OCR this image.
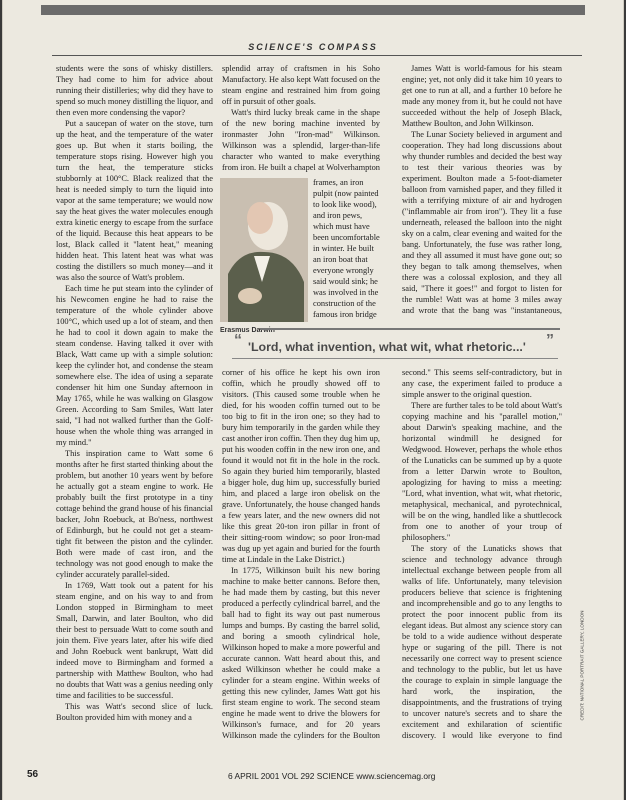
SCIENCE'S COMPASS

students were the sons of whisky distillers. They had come to him for advice about running their distilleries; why did they have to spend so much money distilling the liquor, and then even more condensing the vapor?

Put a saucepan of water on the stove, turn up the heat, and the temperature of the water goes up. But when it starts boiling, the temperature stops rising. However high you turn the heat, the temperature sticks stubbornly at 100°C. Black realized that the heat is needed simply to turn the liquid into vapor at the same temperature; we would now say the heat gives the water molecules enough extra kinetic energy to escape from the surface of the liquid. Because this heat appears to be lost, Black called it "latent heat," meaning hidden heat. This latent heat was what was costing the distillers so much money—and it was also the source of Watt's problem.

Each time he put steam into the cylinder of his Newcomen engine he had to raise the temperature of the whole cylinder above 100°C, which used up a lot of steam, and then he had to cool it down again to make the steam condense. Having talked it over with Black, Watt came up with a simple solution: keep the cylinder hot, and condense the steam somewhere else. The idea of using a separate condenser hit him one Sunday afternoon in May 1765, while he was walking on Glasgow Green. According to Sam Smiles, Watt later said, "I had not walked further than the Golf-house when the whole thing was arranged in my mind."

This inspiration came to Watt some 6 months after he first started thinking about the problem, but another 10 years went by before he actually got a steam engine to work. He probably built the first prototype in a tiny cottage behind the grand house of his financial backer, John Roebuck, at Bo'ness, northwest of Edinburgh, but he could not get a steam-tight fit between the piston and the cylinder. Both were made of cast iron, and the technology was not good enough to make the cylinder accurately parallel-sided.

In 1769, Watt took out a patent for his steam engine, and on his way to and from London stopped in Birmingham to meet Small, Darwin, and later Boulton, who did their best to persuade Watt to come south and join them. Five years later, after his wife died and John Roebuck went bankrupt, Watt did indeed move to Birmingham and formed a partnership with Matthew Boulton, who had no doubts that Watt was a genius needing only time and facilities to be successful.

This was Watt's second slice of luck. Boulton provided him with money and a

splendid array of craftsmen in his Soho Manufactory. He also kept Watt focused on the steam engine and restrained him from going off in pursuit of other goals.

Watt's third lucky break came in the shape of the new boring machine invented by ironmaster John "Iron-mad" Wilkinson. Wilkinson was a splendid, larger-than-life character who wanted to make everything from iron. He built a chapel at Wolverhampton

Erasmus Darwin

frames, an iron pulpit (now painted to look like wood), and iron pews, which must have been uncomfortable in winter. He built an iron boat that everyone wrongly said would sink; he was involved in the construction of the famous iron bridge

James Watt is world-famous for his steam engine; yet, not only did it take him 10 years to get one to run at all, and a further 10 before he made any money from it, but he could not have succeeded without the help of Joseph Black, Matthew Boulton, and John Wilkinson.

The Lunar Society believed in argument and cooperation. They had long discussions about why thunder rumbles and decided the best way to test their various theories was by experiment. Boulton made a 5-foot-diameter balloon from varnished paper, and they filled it with a terrifying mixture of air and hydrogen ("inflammable air from iron"). They lit a fuse underneath, released the balloon into the night sky on a calm, clear evening and waited for the bang. Unfortunately, the fuse was rather long, and they all assumed it must have gone out; so they began to talk among themselves, when there was a colossal explosion, and they all said, "There it goes!" and forgot to listen for the rumble! Watt was at home 3 miles away and wrote that the bang was "instantaneous,

“ 'Lord, what invention, what wit, what rhetoric...' ”

corner of his office he kept his own iron coffin, which he proudly showed off to visitors. (This caused some trouble when he died, for his wooden coffin turned out to be too big to fit in the iron one; so they had to bury him temporarily in the garden while they cast another iron coffin. Then they dug him up, put his wooden coffin in the new iron one, and found it would not fit in the hole in the rock. So again they buried him temporarily, blasted a bigger hole, dug him up, successfully buried him, and placed a large iron obelisk on the grave. Unfortunately, the house changed hands a few years later, and the new owners did not like this great 20-ton iron pillar in front of their sitting-room window; so poor Iron-mad was dug up yet again and buried for the fourth time at Lindale in the Lake District.)

In 1775, Wilkinson built his new boring machine to make better cannons. Before then, he had made them by casting, but this never produced a perfectly cylindrical barrel, and the ball had to fight its way out past numerous lumps and bumps. By casting the barrel solid, and boring a smooth cylindrical hole, Wilkinson hoped to make a more powerful and accurate cannon. Watt heard about this, and asked Wilkinson whether he could make a cylinder for a steam engine. Within weeks of getting this new cylinder, James Watt got his first steam engine to work. The second steam engine he made went to drive the blowers for Wilkinson's furnace, and for 20 years Wilkinson made the cylinders for the Boulton

second." This seems self-contradictory, but in any case, the experiment failed to produce a simple answer to the original question.

There are further tales to be told about Watt's copying machine and his "parallel motion," about Darwin's speaking machine, and the horizontal windmill he designed for Wedgwood. However, perhaps the whole ethos of the Lunaticks can be summed up by a quote from a letter Darwin wrote to Boulton, apologizing for having to miss a meeting: "Lord, what invention, what wit, what rhetoric, metaphysical, mechanical, and pyrotechnical, will be on the wing, handled like a shuttlecock from one to another of your troup of philosophers."

The story of the Lunaticks shows that science and technology advance through intellectual exchange between people from all walks of life. Unfortunately, many television producers believe that science is frightening and incomprehensible and go to any lengths to protect the poor innocent public from its elegant ideas. But almost any science story can be told to a wide audience without desperate hype or sugaring of the pill. There is not necessarily one correct way to present science and technology to the public, but let us have the courage to explain in simple language the hard work, the inspiration, the disappointments, and the frustrations of trying to uncover nature's secrets and to share the excitement and exhilaration of scientific discovery. I would like everyone to find

CREDIT: NATIONAL PORTRAIT GALLERY, LONDON
56	6 APRIL 2001 VOL 292 SCIENCE www.sciencemag.org
